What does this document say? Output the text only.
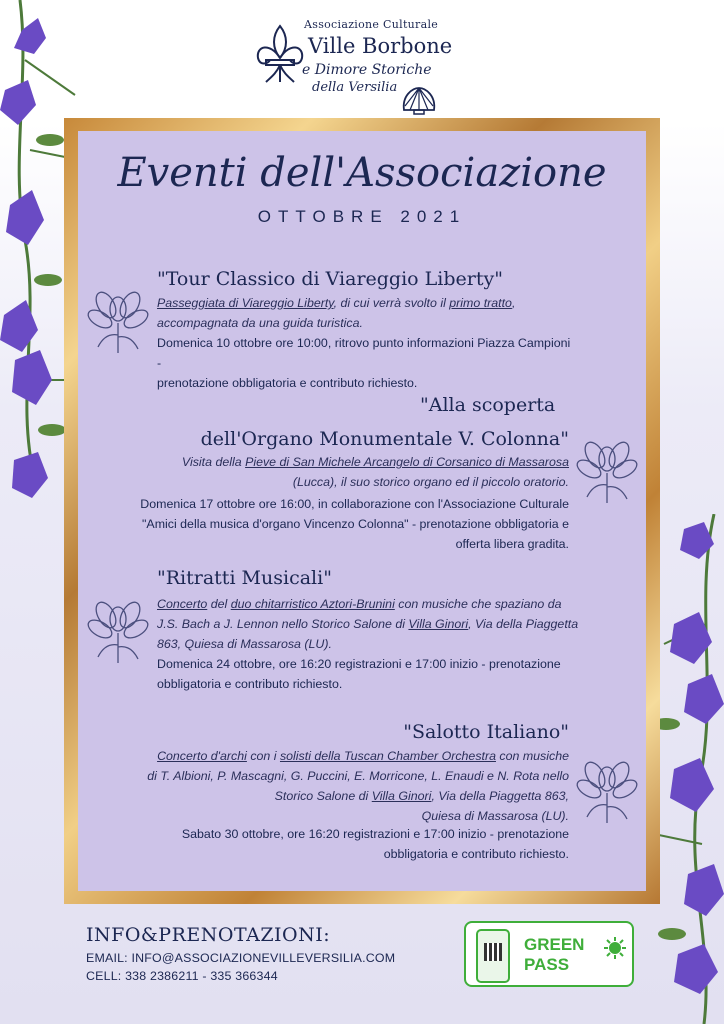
Associazione Culturale
Ville Borbone
e Dimore Storiche
della Versilia
Eventi dell'Associazione
OTTOBRE 2021
"Tour Classico di Viareggio Liberty"
Passeggiata di Viareggio Liberty, di cui verrà svolto il primo tratto,
accompagnata da una guida turistica.
Domenica 10 ottobre ore 10:00, ritrovo punto informazioni Piazza Campioni -
prenotazione obbligatoria e contributo richiesto.
"Alla scoperta
dell'Organo Monumentale V. Colonna"
Visita della Pieve di San Michele Arcangelo di Corsanico di Massarosa
(Lucca), il suo storico organo ed il piccolo oratorio.
Domenica 17 ottobre ore 16:00, in collaborazione con l'Associazione Culturale
"Amici della musica d'organo Vincenzo Colonna" - prenotazione obbligatoria e
offerta libera gradita.
"Ritratti Musicali"
Concerto del duo chitarristico Aztori-Brunini con musiche che spaziano da
J.S. Bach a J. Lennon nello Storico Salone di Villa Ginori, Via della Piaggetta
863, Quiesa di Massarosa (LU).
Domenica 24 ottobre, ore 16:20 registrazioni e 17:00 inizio - prenotazione
obbligatoria e contributo richiesto.
"Salotto Italiano"
Concerto d'archi con i solisti della Tuscan Chamber Orchestra con musiche
di T. Albioni, P. Mascagni, G. Puccini, E. Morricone, L. Enaudi e N. Rota nello
Storico Salone di Villa Ginori, Via della Piaggetta 863,
Quiesa di Massarosa (LU).
Sabato 30 ottobre, ore 16:20 registrazioni e 17:00 inizio - prenotazione
obbligatoria e contributo richiesto.
INFO&PRENOTAZIONI:
EMAIL: INFO@ASSOCIAZIONEVILLEVERSILIA.COM
CELL: 338 2386211 - 335 366344
GREEN
PASS
